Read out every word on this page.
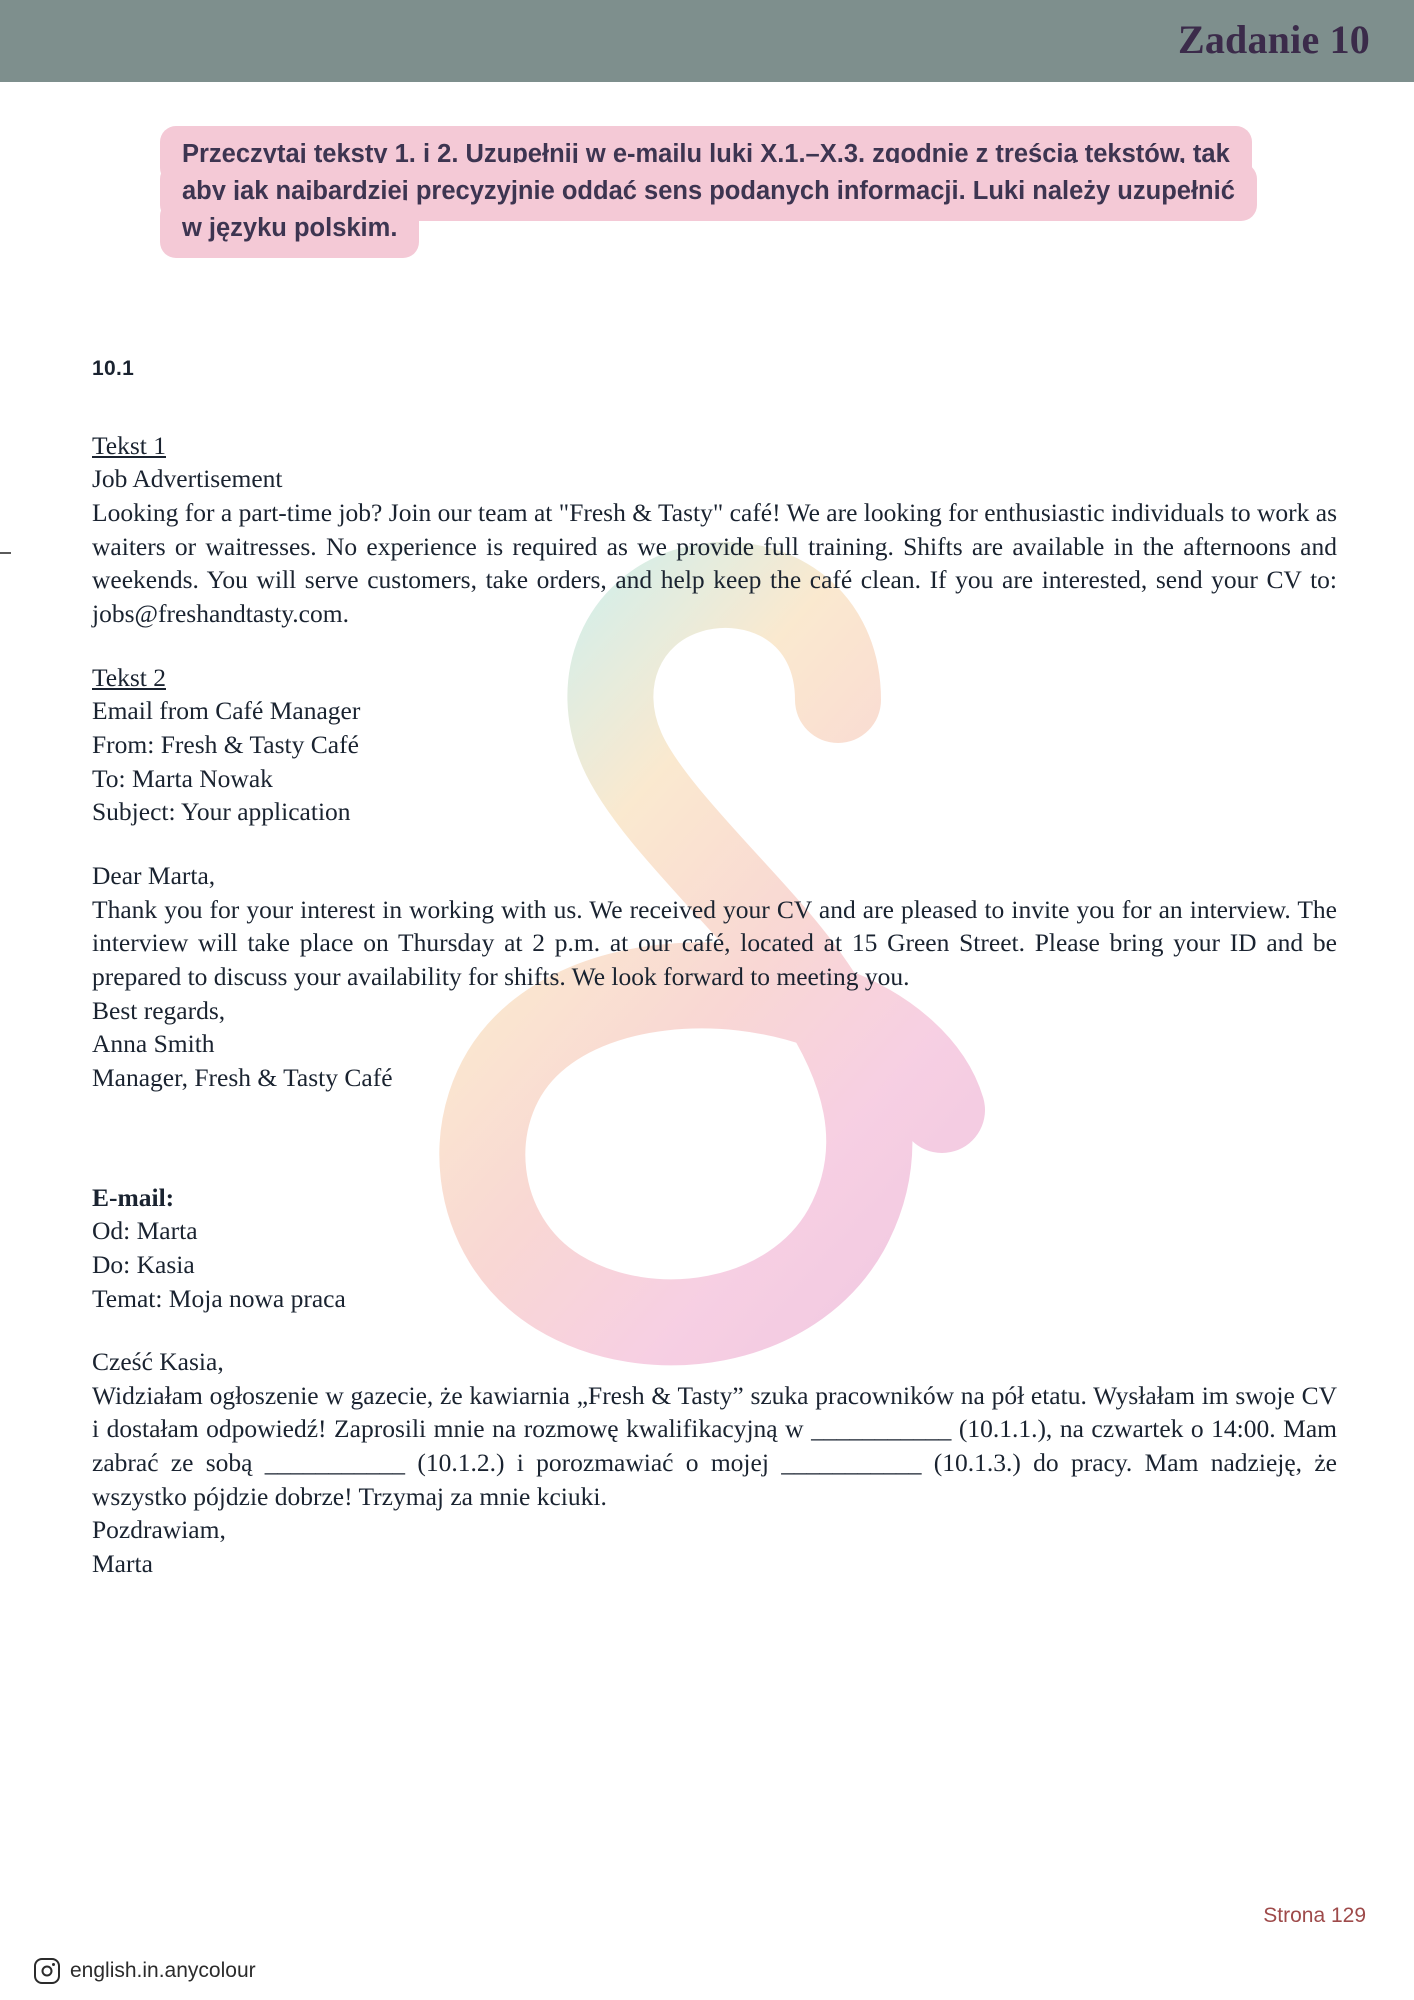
Zadanie 10
Przeczytaj teksty 1. i 2. Uzupełnij w e-mailu luki X.1.–X.3. zgodnie z treścią tekstów, tak aby jak najbardziej precyzyjnie oddać sens podanych informacji. Luki należy uzupełnić w języku polskim.
10.1
Tekst 1
Job Advertisement

Looking for a part-time job? Join our team at "Fresh & Tasty" café! We are looking for enthusiastic individuals to work as waiters or waitresses. No experience is required as we provide full training. Shifts are available in the afternoons and weekends. You will serve customers, take orders, and help keep the café clean. If you are interested, send your CV to: jobs@freshandtasty.com.

Tekst 2
Email from Café Manager
From: Fresh & Tasty Café
To: Marta Nowak
Subject: Your application
Dear Marta,

Thank you for your interest in working with us. We received your CV and are pleased to invite you for an interview. The interview will take place on Thursday at 2 p.m. at our café, located at 15 Green Street. Please bring your ID and be prepared to discuss your availability for shifts. We look forward to meeting you.

Best regards,
Anna Smith
Manager, Fresh & Tasty Café
E-mail:
Od: Marta
Do: Kasia
Temat: Moja nowa praca
Cześć Kasia,

Widziałam ogłoszenie w gazecie, że kawiarnia „Fresh & Tasty” szuka pracowników na pół etatu. Wysłałam im swoje CV i dostałam odpowiedź! Zaprosili mnie na rozmowę kwalifikacyjną w ___________ (10.1.1.), na czwartek o 14:00. Mam zabrać ze sobą ___________ (10.1.2.) i porozmawiać o mojej ___________ (10.1.3.) do pracy. Mam nadzieję, że wszystko pójdzie dobrze! Trzymaj za mnie kciuki.

Pozdrawiam,
Marta
Strona 129
english.in.anycolour
